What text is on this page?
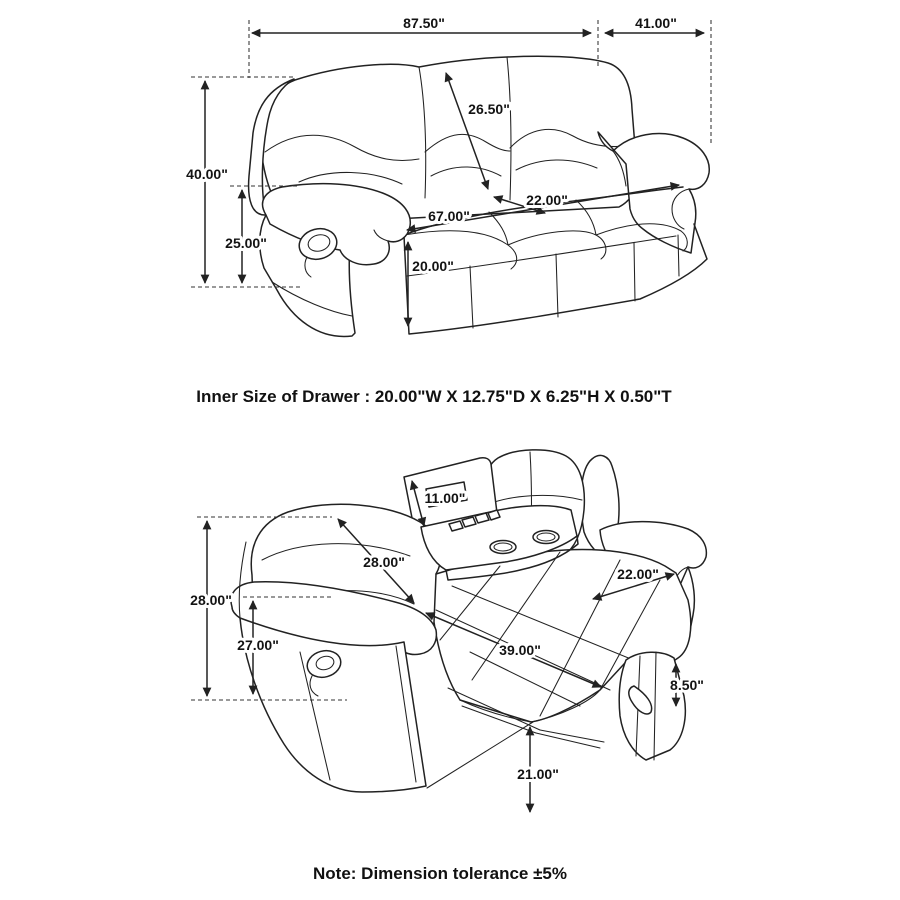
87.50"	41.00"
26.50"
40.00"
25.00"
67.00"
22.00"
20.00"
Inner Size of Drawer : 20.00"W X 12.75"D X 6.25"H X 0.50"T
11.00"
28.00"
28.00"
27.00"
22.00"
39.00"
8.50"
21.00"
Note: Dimension tolerance ±5%
